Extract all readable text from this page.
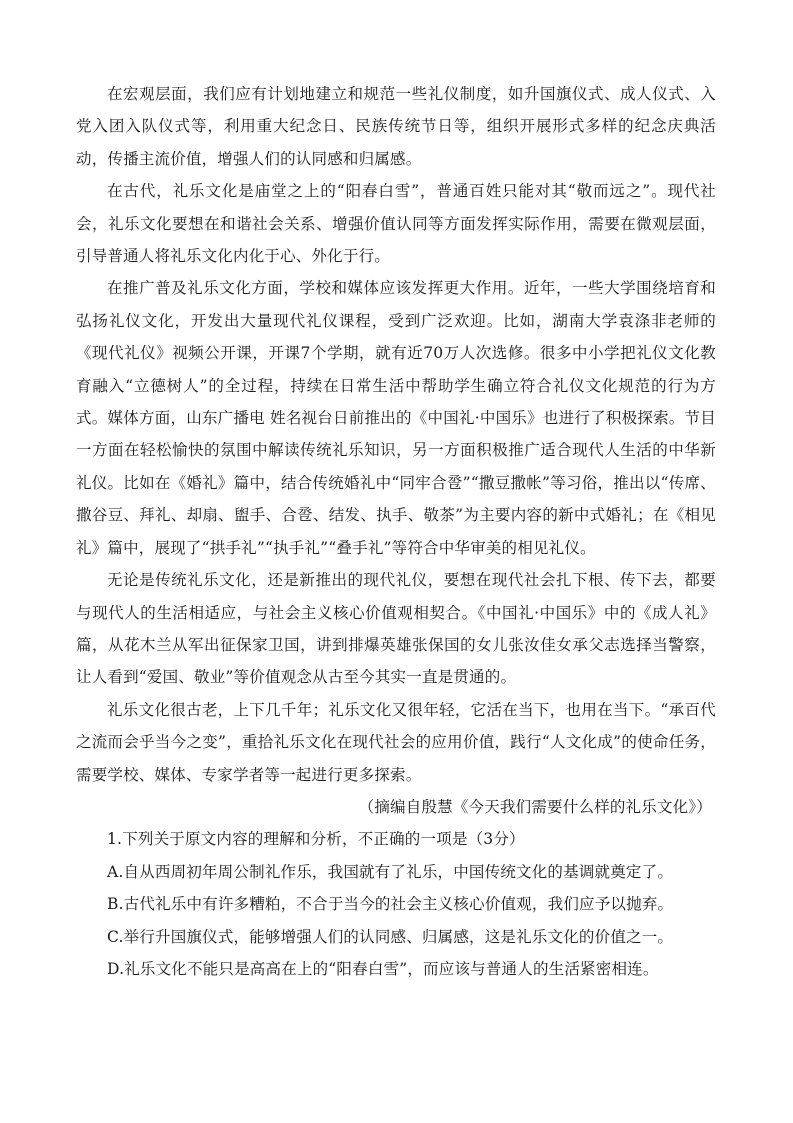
在宏观层面，我们应有计划地建立和规范一些礼仪制度，如升国旗仪式、成人仪式、入党入团入队仪式等，利用重大纪念日、民族传统节日等，组织开展形式多样的纪念庆典活动，传播主流价值，增强人们的认同感和归属感。

在古代，礼乐文化是庙堂之上的“阳春白雪”，普通百姓只能对其“敬而远之”。现代社会，礼乐文化要想在和谐社会关系、增强价值认同等方面发挥实际作用，需要在微观层面，引导普通人将礼乐文化内化于心、外化于行。

在推广普及礼乐文化方面，学校和媒体应该发挥更大作用。近年，一些大学围绕培育和弘扬礼仪文化，开发出大量现代礼仪课程，受到广泛欢迎。比如，湖南大学袁涤非老师的《现代礼仪》视频公开课，开课7个学期，就有近70万人次选修。很多中小学把礼仪文化教育融入“立德树人”的全过程，持续在日常生活中帮助学生确立符合礼仪文化规范的行为方式。媒体方面，山东广播电 姓名视台日前推出的《中国礼·中国乐》也进行了积极探索。节目一方面在轻松愉快的氛围中解读传统礼乐知识，另一方面积极推广适合现代人生活的中华新礼仪。比如在《婚礼》篇中，结合传统婚礼中“同牢合卺”“撒豆撒帐”等习俗，推出以“传席、撒谷豆、拜礼、却扇、盥手、合卺、结发、执手、敬茶”为主要内容的新中式婚礼；在《相见礼》篇中，展现了“拱手礼”“执手礼”“叠手礼”等符合中华审美的相见礼仪。

无论是传统礼乐文化，还是新推出的现代礼仪，要想在现代社会扎下根、传下去，都要与现代人的生活相适应，与社会主义核心价值观相契合。《中国礼·中国乐》中的《成人礼》篇，从花木兰从军出征保家卫国，讲到排爆英雄张保国的女儿张汝佳女承父志选择当警察，让人看到“爱国、敬业”等价值观念从古至今其实一直是贯通的。

礼乐文化很古老，上下几千年；礼乐文化又很年轻，它活在当下，也用在当下。“承百代之流而会乎当今之变”，重拾礼乐文化在现代社会的应用价值，践行“人文化成”的使命任务，需要学校、媒体、专家学者等一起进行更多探索。

（摘编自殷慧《今天我们需要什么样的礼乐文化》）

1.下列关于原文内容的理解和分析，不正确的一项是（3分）

A.自从西周初年周公制礼作乐，我国就有了礼乐，中国传统文化的基调就奠定了。

B.古代礼乐中有许多糟粕，不合于当今的社会主义核心价值观，我们应予以抛弃。

C.举行升国旗仪式，能够增强人们的认同感、归属感，这是礼乐文化的价值之一。

D.礼乐文化不能只是高高在上的“阳春白雪”，而应该与普通人的生活紧密相连。
